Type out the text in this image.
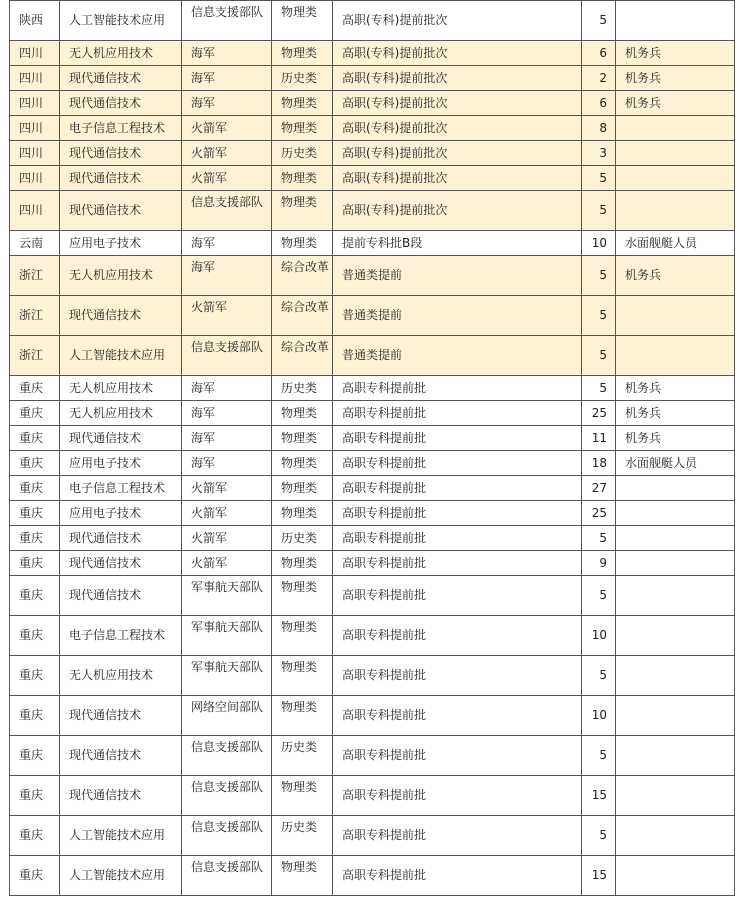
陕西	人工智能技术应用	信息支援部队	物理类	高职(专科)提前批次	5	
四川	无人机应用技术	海军	物理类	高职(专科)提前批次	6	机务兵
四川	现代通信技术	海军	历史类	高职(专科)提前批次	2	机务兵
四川	现代通信技术	海军	物理类	高职(专科)提前批次	6	机务兵
四川	电子信息工程技术	火箭军	物理类	高职(专科)提前批次	8	
四川	现代通信技术	火箭军	历史类	高职(专科)提前批次	3	
四川	现代通信技术	火箭军	物理类	高职(专科)提前批次	5	
四川	现代通信技术	信息支援部队	物理类	高职(专科)提前批次	5	
云南	应用电子技术	海军	物理类	提前专科批B段	10	水面舰艇人员
浙江	无人机应用技术	海军	综合改革	普通类提前	5	机务兵
浙江	现代通信技术	火箭军	综合改革	普通类提前	5	
浙江	人工智能技术应用	信息支援部队	综合改革	普通类提前	5	
重庆	无人机应用技术	海军	历史类	高职专科提前批	5	机务兵
重庆	无人机应用技术	海军	物理类	高职专科提前批	25	机务兵
重庆	现代通信技术	海军	物理类	高职专科提前批	11	机务兵
重庆	应用电子技术	海军	物理类	高职专科提前批	18	水面舰艇人员
重庆	电子信息工程技术	火箭军	物理类	高职专科提前批	27	
重庆	应用电子技术	火箭军	物理类	高职专科提前批	25	
重庆	现代通信技术	火箭军	历史类	高职专科提前批	5	
重庆	现代通信技术	火箭军	物理类	高职专科提前批	9	
重庆	现代通信技术	军事航天部队	物理类	高职专科提前批	5	
重庆	电子信息工程技术	军事航天部队	物理类	高职专科提前批	10	
重庆	无人机应用技术	军事航天部队	物理类	高职专科提前批	5	
重庆	现代通信技术	网络空间部队	物理类	高职专科提前批	10	
重庆	现代通信技术	信息支援部队	历史类	高职专科提前批	5	
重庆	现代通信技术	信息支援部队	物理类	高职专科提前批	15	
重庆	人工智能技术应用	信息支援部队	历史类	高职专科提前批	5	
重庆	人工智能技术应用	信息支援部队	物理类	高职专科提前批	15	
